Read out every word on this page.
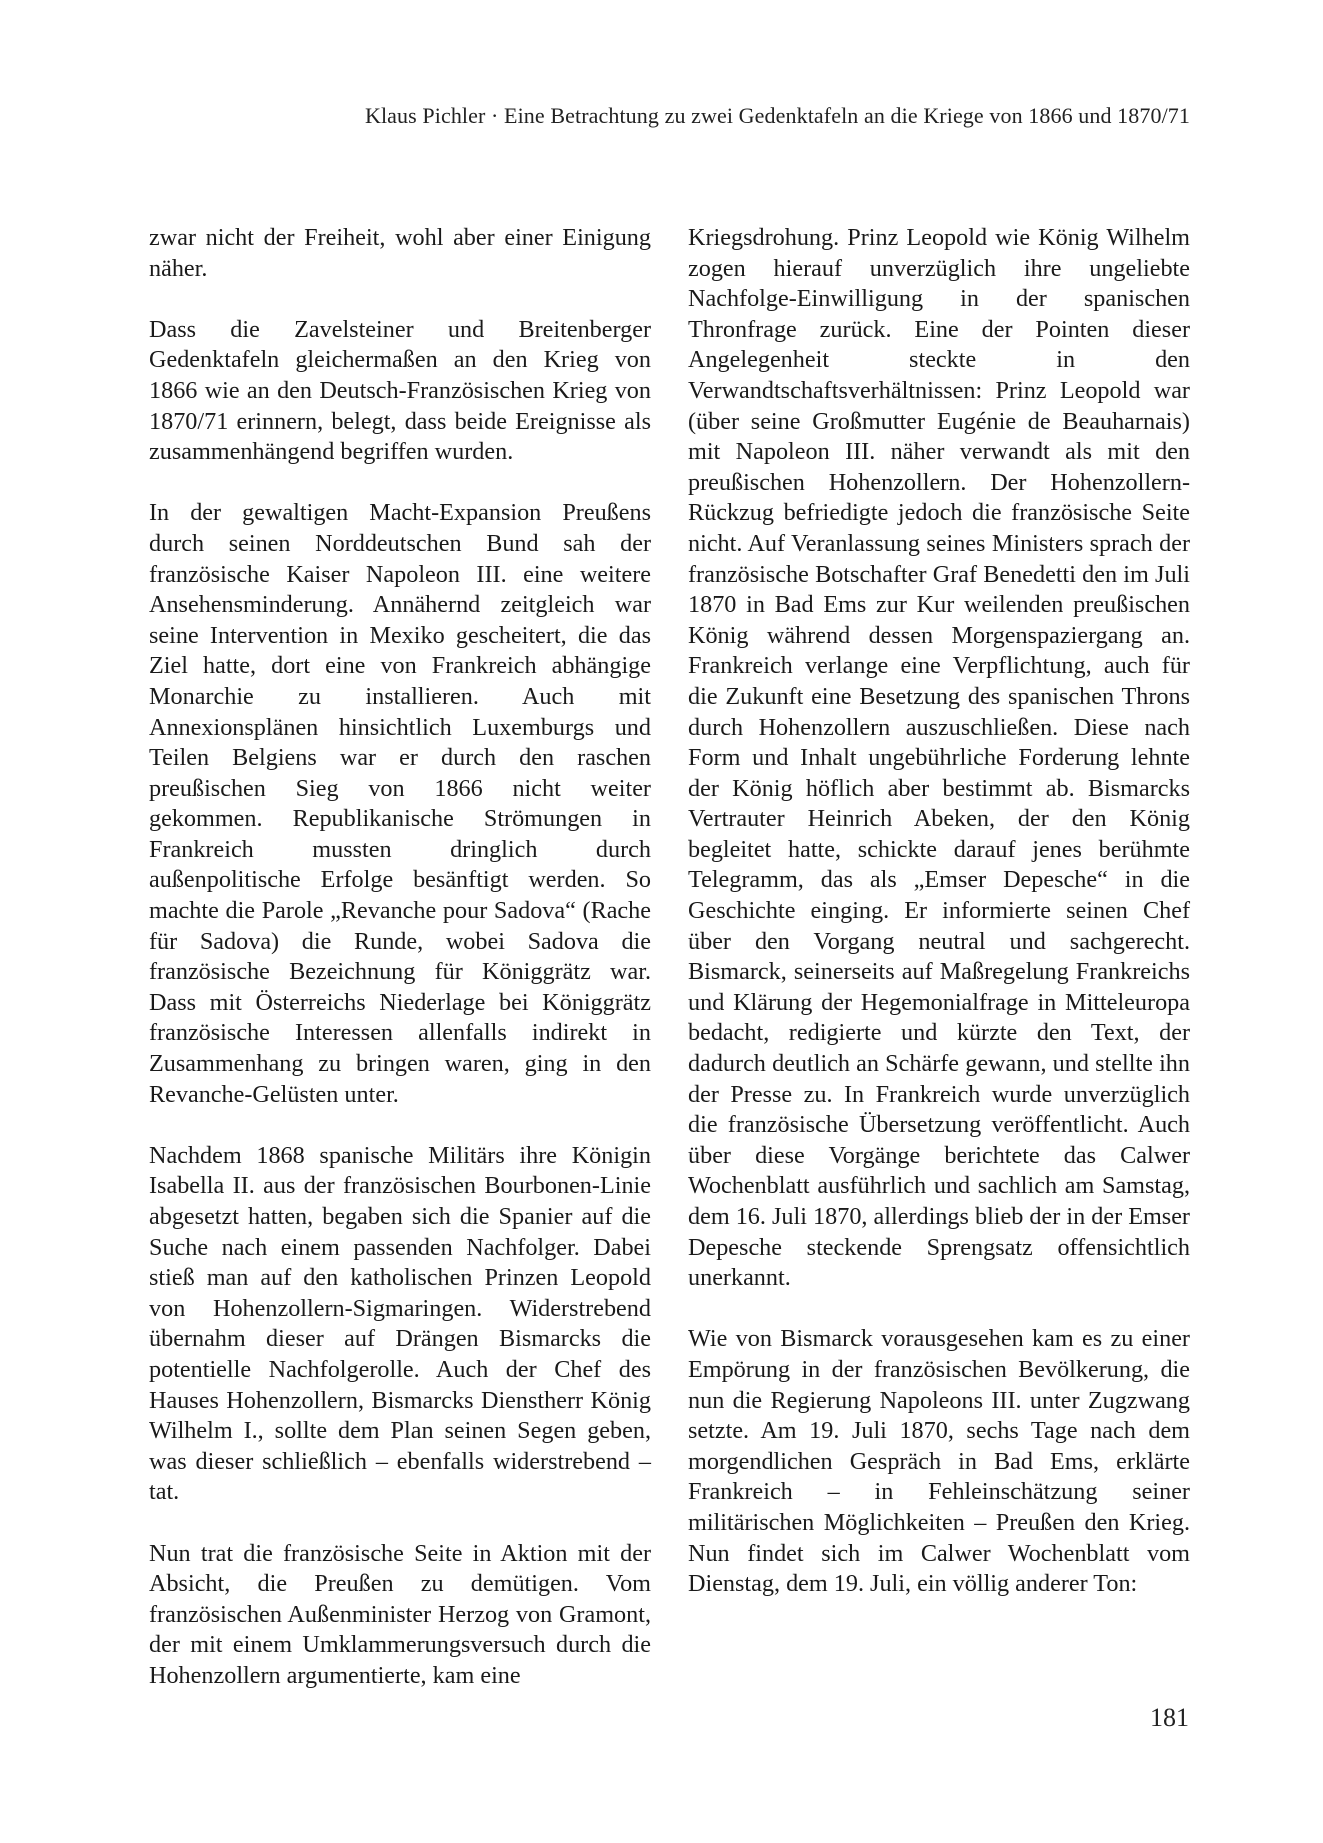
Klaus Pichler · Eine Betrachtung zu zwei Gedenktafeln an die Kriege von 1866 und 1870/71

zwar nicht der Freiheit, wohl aber einer Einigung näher.

Dass die Zavelsteiner und Breitenberger Gedenktafeln gleichermaßen an den Krieg von 1866 wie an den Deutsch-Französischen Krieg von 1870/71 erinnern, belegt, dass beide Ereignisse als zusammenhängend begriffen wurden.

In der gewaltigen Macht-Expansion Preußens durch seinen Norddeutschen Bund sah der französische Kaiser Napoleon III. eine weitere Ansehensminderung. Annähernd zeitgleich war seine Intervention in Mexiko gescheitert, die das Ziel hatte, dort eine von Frankreich abhängige Monarchie zu installieren. Auch mit Annexionsplänen hinsichtlich Luxemburgs und Teilen Belgiens war er durch den raschen preußischen Sieg von 1866 nicht weiter gekommen. Republikanische Strömungen in Frankreich mussten dringlich durch außenpolitische Erfolge besänftigt werden. So machte die Parole „Revanche pour Sadova“ (Rache für Sadova) die Runde, wobei Sadova die französische Bezeichnung für Königgrätz war. Dass mit Österreichs Niederlage bei Königgrätz französische Interessen allenfalls indirekt in Zusammenhang zu bringen waren, ging in den Revanche-Gelüsten unter.

Nachdem 1868 spanische Militärs ihre Königin Isabella II. aus der französischen Bourbonen-Linie abgesetzt hatten, begaben sich die Spanier auf die Suche nach einem passenden Nachfolger. Dabei stieß man auf den katholischen Prinzen Leopold von Hohenzollern-Sigmaringen. Widerstrebend übernahm dieser auf Drängen Bismarcks die potentielle Nachfolgerolle. Auch der Chef des Hauses Hohenzollern, Bismarcks Dienstherr König Wilhelm I., sollte dem Plan seinen Segen geben, was dieser schließlich – ebenfalls widerstrebend – tat.

Nun trat die französische Seite in Aktion mit der Absicht, die Preußen zu demütigen. Vom französischen Außenminister Herzog von Gramont, der mit einem Umklammerungsversuch durch die Hohenzollern argumentierte, kam eine

Kriegsdrohung. Prinz Leopold wie König Wilhelm zogen hierauf unverzüglich ihre ungeliebte Nachfolge-Einwilligung in der spanischen Thronfrage zurück. Eine der Pointen dieser Angelegenheit steckte in den Verwandtschaftsverhältnissen: Prinz Leopold war (über seine Großmutter Eugénie de Beauharnais) mit Napoleon III. näher verwandt als mit den preußischen Hohenzollern. Der Hohenzollern-Rückzug befriedigte jedoch die französische Seite nicht. Auf Veranlassung seines Ministers sprach der französische Botschafter Graf Benedetti den im Juli 1870 in Bad Ems zur Kur weilenden preußischen König während dessen Morgenspaziergang an. Frankreich verlange eine Verpflichtung, auch für die Zukunft eine Besetzung des spanischen Throns durch Hohenzollern auszuschließen. Diese nach Form und Inhalt ungebührliche Forderung lehnte der König höflich aber bestimmt ab. Bismarcks Vertrauter Heinrich Abeken, der den König begleitet hatte, schickte darauf jenes berühmte Telegramm, das als „Emser Depesche“ in die Geschichte einging. Er informierte seinen Chef über den Vorgang neutral und sachgerecht. Bismarck, seinerseits auf Maßregelung Frankreichs und Klärung der Hegemonialfrage in Mitteleuropa bedacht, redigierte und kürzte den Text, der dadurch deutlich an Schärfe gewann, und stellte ihn der Presse zu. In Frankreich wurde unverzüglich die französische Übersetzung veröffentlicht. Auch über diese Vorgänge berichtete das Calwer Wochenblatt ausführlich und sachlich am Samstag, dem 16. Juli 1870, allerdings blieb der in der Emser Depesche steckende Sprengsatz offensichtlich unerkannt.

Wie von Bismarck vorausgesehen kam es zu einer Empörung in der französischen Bevölkerung, die nun die Regierung Napoleons III. unter Zugzwang setzte. Am 19. Juli 1870, sechs Tage nach dem morgendlichen Gespräch in Bad Ems, erklärte Frankreich – in Fehleinschätzung seiner militärischen Möglichkeiten – Preußen den Krieg. Nun findet sich im Calwer Wochenblatt vom Dienstag, dem 19. Juli, ein völlig anderer Ton:

181
